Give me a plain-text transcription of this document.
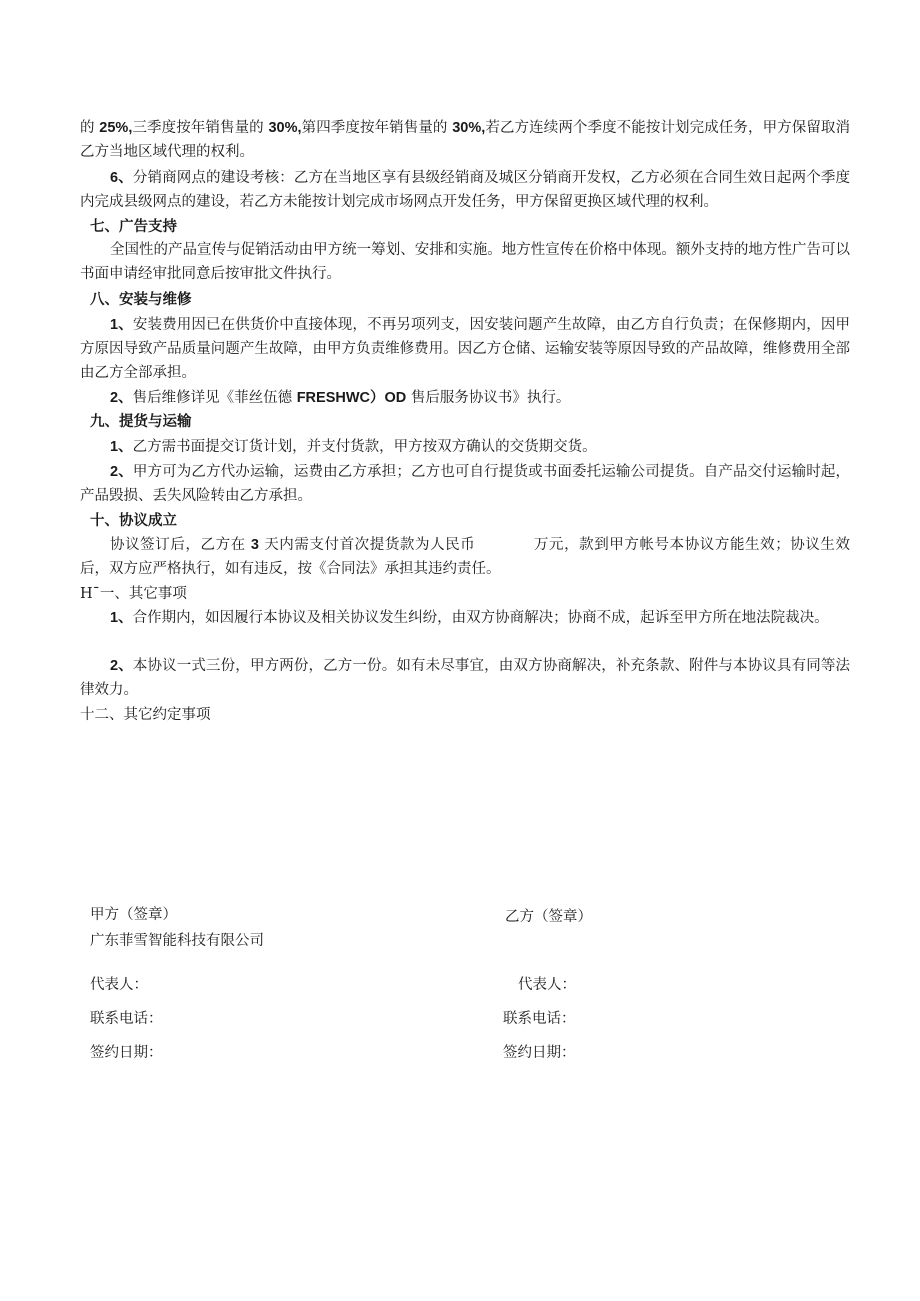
的 25%,三季度按年销售量的 30%,第四季度按年销售量的 30%,若乙方连续两个季度不能按计划完成任务，甲方保留取消乙方当地区域代理的权利。

6、分销商网点的建设考核：乙方在当地区享有县级经销商及城区分销商开发权，乙方必须在合同生效日起两个季度内完成县级网点的建设，若乙方未能按计划完成市场网点开发任务，甲方保留更换区域代理的权利。

七、广告支持

全国性的产品宣传与促销活动由甲方统一筹划、安排和实施。地方性宣传在价格中体现。额外支持的地方性广告可以书面申请经审批同意后按审批文件执行。

八、安装与维修

1、安装费用因已在供货价中直接体现，不再另项列支，因安装问题产生故障，由乙方自行负责；在保修期内，因甲方原因导致产品质量问题产生故障，由甲方负责维修费用。因乙方仓储、运输安装等原因导致的产品故障，维修费用全部由乙方全部承担。

2、售后维修详见《菲丝伍德 FRESHWC）OD 售后服务协议书》执行。

九、提货与运输

1、乙方需书面提交订货计划，并支付货款，甲方按双方确认的交货期交货。

2、甲方可为乙方代办运输，运费由乙方承担；乙方也可自行提货或书面委托运输公司提货。自产品交付运输时起，产品毁损、丢失风险转由乙方承担。

十、协议成立

协议签订后，乙方在 3 天内需支付首次提货款为人民币	万元，款到甲方帐号本协议方能生效；协议生效后，双方应严格执行，如有违反，按《合同法》承担其违约责任。

H¯一、其它事项

1、合作期内，如因履行本协议及相关协议发生纠纷，由双方协商解决；协商不成，起诉至甲方所在地法院裁决。

2、本协议一式三份，甲方两份，乙方一份。如有未尽事宜，由双方协商解决，补充条款、附件与本协议具有同等法律效力。

十二、其它约定事项

甲方（签章）	乙方（签章）

广东菲雪智能科技有限公司

代表人：	代表人：

联系电话：	联系电话：

签约日期：	签约日期：
